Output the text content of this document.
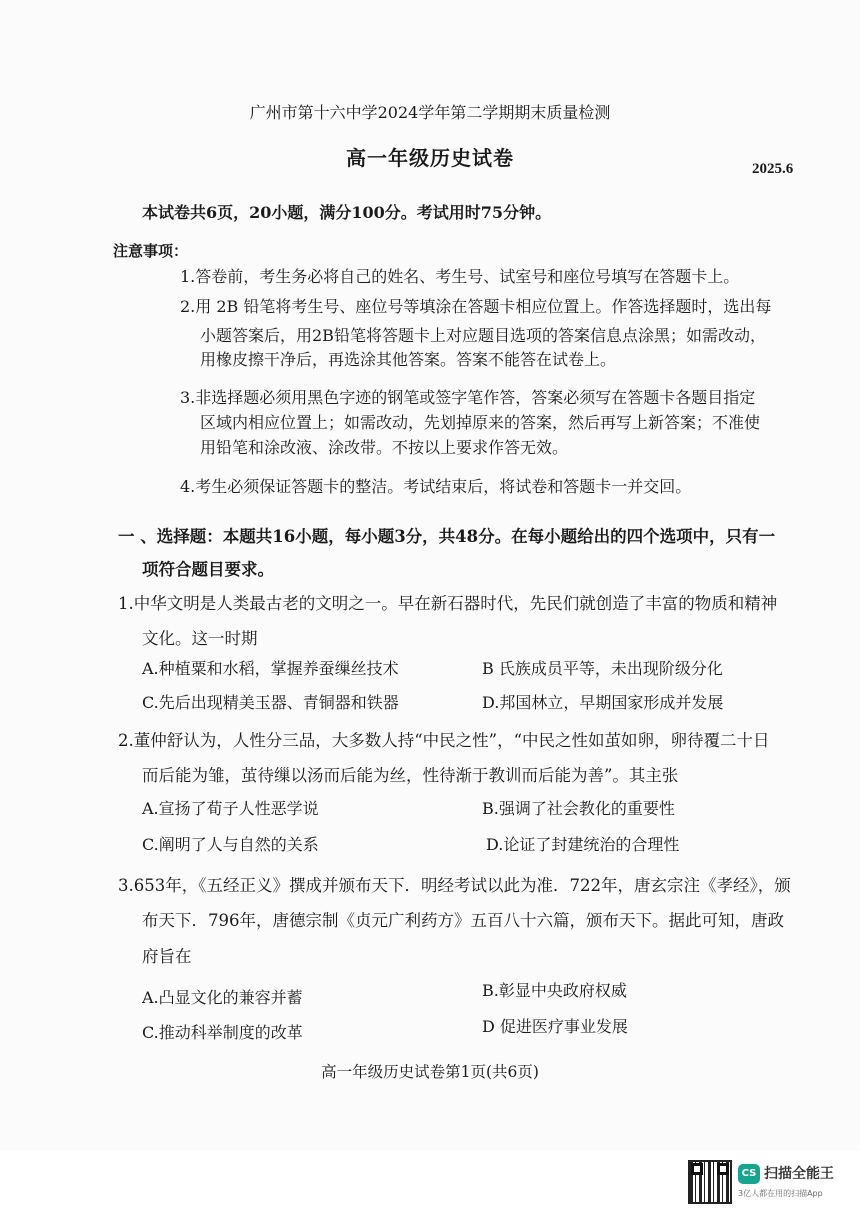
广州市第十六中学2024学年第二学期期末质量检测
高一年级历史试卷	2025.6
本试卷共6页，20小题，满分100分。考试用时75分钟。
注意事项：
1.答卷前，考生务必将自己的姓名、考生号、试室号和座位号填写在答题卡上。
2.用 2B 铅笔将考生号、座位号等填涂在答题卡相应位置上。作答选择题时，选出每
小题答案后，用2B铅笔将答题卡上对应题目选项的答案信息点涂黑；如需改动，
用橡皮擦干净后，再选涂其他答案。答案不能答在试卷上。
3.非选择题必须用黑色字迹的钢笔或签字笔作答，答案必须写在答题卡各题目指定
区域内相应位置上；如需改动，先划掉原来的答案，然后再写上新答案；不准使
用铅笔和涂改液、涂改带。不按以上要求作答无效。
4.考生必须保证答题卡的整洁。考试结束后，将试卷和答题卡一并交回。
一 、选择题：本题共16小题，每小题3分，共48分。在每小题给出的四个选项中，只有一
项符合题目要求。
1.中华文明是人类最古老的文明之一。早在新石器时代，先民们就创造了丰富的物质和精神
文化。这一时期
A.种植粟和水稻，掌握养蚕缫丝技术	B 氏族成员平等，未出现阶级分化
C.先后出现精美玉器、青铜器和铁器	D.邦国林立，早期国家形成并发展
2.董仲舒认为，人性分三品，大多数人持“中民之性”，“中民之性如茧如卵，卵待覆二十日
而后能为雏，茧待缫以汤而后能为丝，性待渐于教训而后能为善”。其主张
A.宣扬了荀子人性恶学说	B.强调了社会教化的重要性
C.阐明了人与自然的关系	D.论证了封建统治的合理性
3.653年，《五经正义》撰成并颁布天下．明经考试以此为准．722年，唐玄宗注《孝经》，颁
布天下．796年，唐德宗制《贞元广利药方》五百八十六篇，颁布天下。据此可知，唐政
府旨在
A.凸显文化的兼容并蓄	B.彰显中央政府权威
C.推动科举制度的改革	D 促进医疗事业发展
高一年级历史试卷第1页(共6页)
CS 扫描全能王
3亿人都在用的扫描App
